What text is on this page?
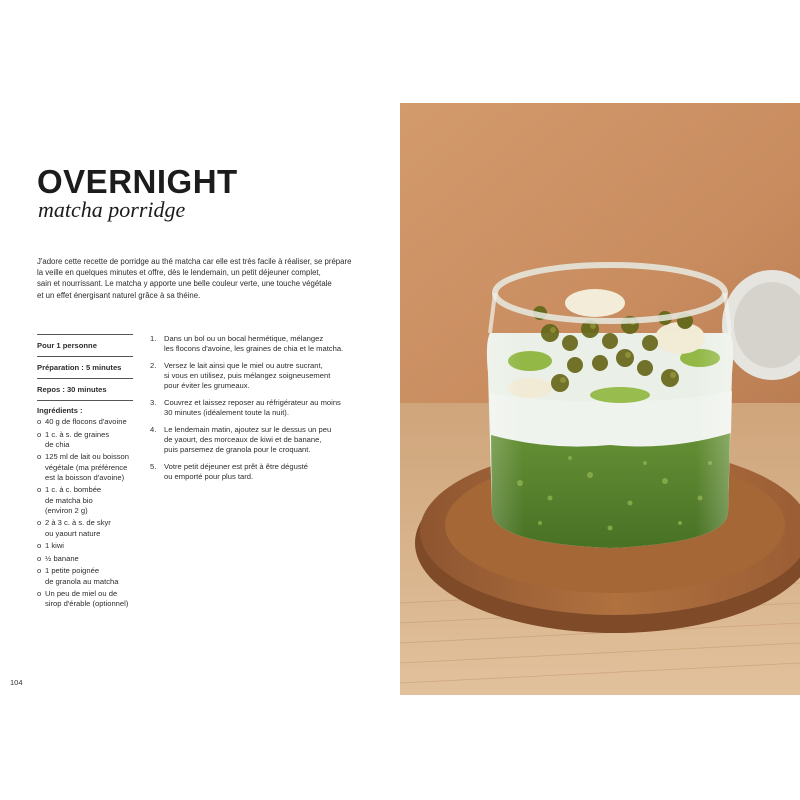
OVERNIGHT
matcha porridge
J'adore cette recette de porridge au thé matcha car elle est très facile à réaliser, se prépare
la veille en quelques minutes et offre, dès le lendemain, un petit déjeuner complet,
sain et nourrissant. Le matcha y apporte une belle couleur verte, une touche végétale
et un effet énergisant naturel grâce à sa théine.
Pour 1 personne
Préparation : 5 minutes
Repos : 30 minutes
Ingrédients :
o 40 g de flocons d'avoine
o 1 c. à s. de graines
de chia
o 125 ml de lait ou boisson
végétale (ma préférence
est la boisson d'avoine)
o 1 c. à c. bombée
de matcha bio
(environ 2 g)
o 2 à 3 c. à s. de skyr
ou yaourt nature
o 1 kiwi
o ½ banane
o 1 petite poignée
de granola au matcha
o Un peu de miel ou de
sirop d'érable (optionnel)
1. Dans un bol ou un bocal hermétique, mélangez
les flocons d'avoine, les graines de chia et le matcha.
2. Versez le lait ainsi que le miel ou autre sucrant,
si vous en utilisez, puis mélangez soigneusement
pour éviter les grumeaux.
3. Couvrez et laissez reposer au réfrigérateur au moins
30 minutes (idéalement toute la nuit).
4. Le lendemain matin, ajoutez sur le dessus un peu
de yaourt, des morceaux de kiwi et de banane,
puis parsemez de granola pour le croquant.
5. Votre petit déjeuner est prêt à être dégusté
ou emporté pour plus tard.
104
